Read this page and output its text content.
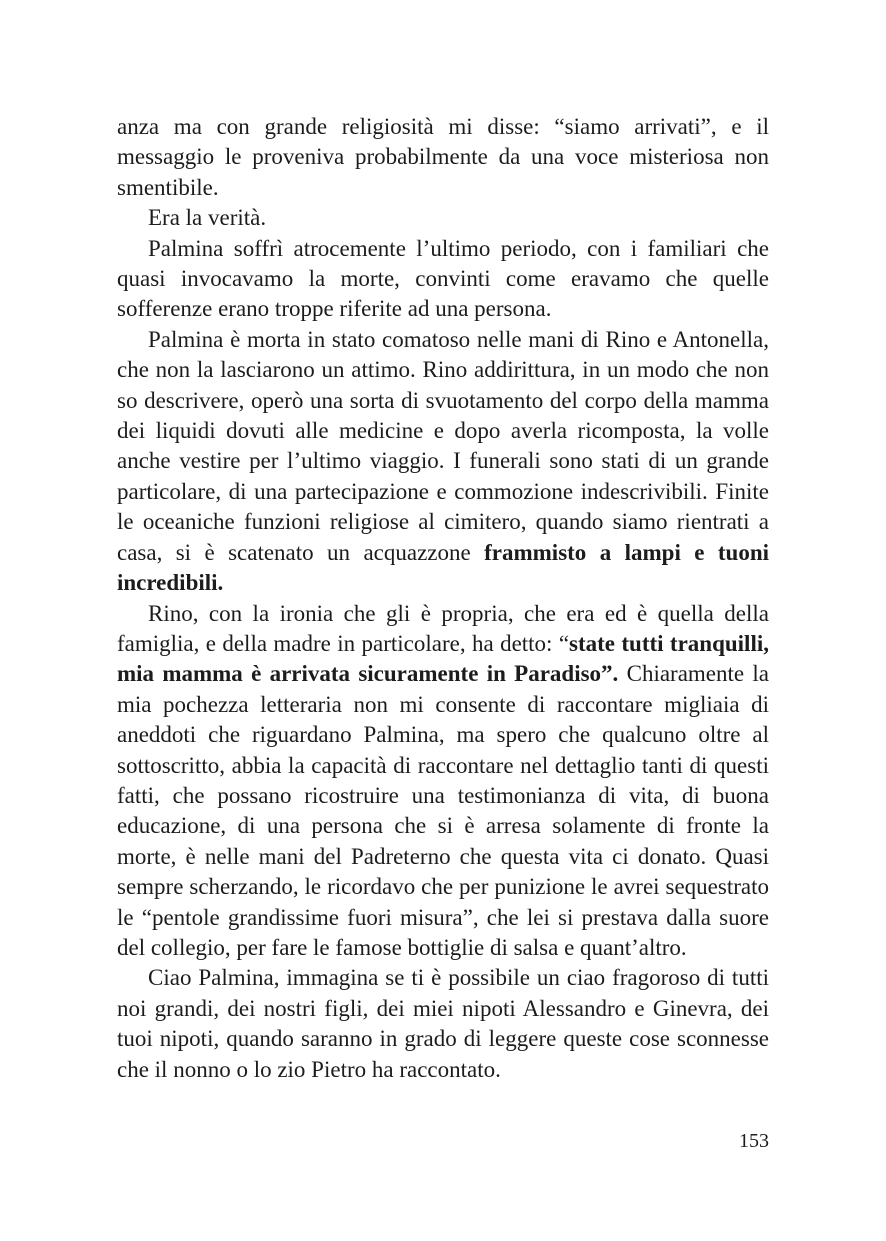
anza ma con grande religiosità mi disse: “siamo arrivati”, e il messaggio le proveniva probabilmente da una voce misteriosa non smentibile.

Era la verità.

Palmina soffrì atrocemente l’ultimo periodo, con i familiari che quasi invocavamo la morte, convinti come eravamo che quelle sofferenze erano troppe riferite ad una persona.

Palmina è morta in stato comatoso nelle mani di Rino e Antonella, che non la lasciarono un attimo. Rino addirittura, in un modo che non so descrivere, operò una sorta di svuotamento del corpo della mamma dei liquidi dovuti alle medicine e dopo averla ricomposta, la volle anche vestire per l’ultimo viaggio. I funerali sono stati di un grande particolare, di una partecipazione e commozione indescrivibili. Finite le oceaniche funzioni religiose al cimitero, quando siamo rientrati a casa, si è scatenato un acquazzone frammisto a lampi e tuoni incredibili.

Rino, con la ironia che gli è propria, che era ed è quella della famiglia, e della madre in particolare, ha detto: “state tutti tranquilli, mia mamma è arrivata sicuramente in Paradiso”. Chiaramente la mia pochezza letteraria non mi consente di raccontare migliaia di aneddoti che riguardano Palmina, ma spero che qualcuno oltre al sottoscritto, abbia la capacità di raccontare nel dettaglio tanti di questi fatti, che possano ricostruire una testimonianza di vita, di buona educazione, di una persona che si è arresa solamente di fronte la morte, è nelle mani del Padreterno che questa vita ci donato. Quasi sempre scherzando, le ricordavo che per punizione le avrei sequestrato le “pentole grandissime fuori misura”, che lei si prestava dalla suore del collegio, per fare le famose bottiglie di salsa e quant’altro.

Ciao Palmina, immagina se ti è possibile un ciao fragoroso di tutti noi grandi, dei nostri figli, dei miei nipoti Alessandro e Ginevra, dei tuoi nipoti, quando saranno in grado di leggere queste cose sconnesse che il nonno o lo zio Pietro ha raccontato.

153
